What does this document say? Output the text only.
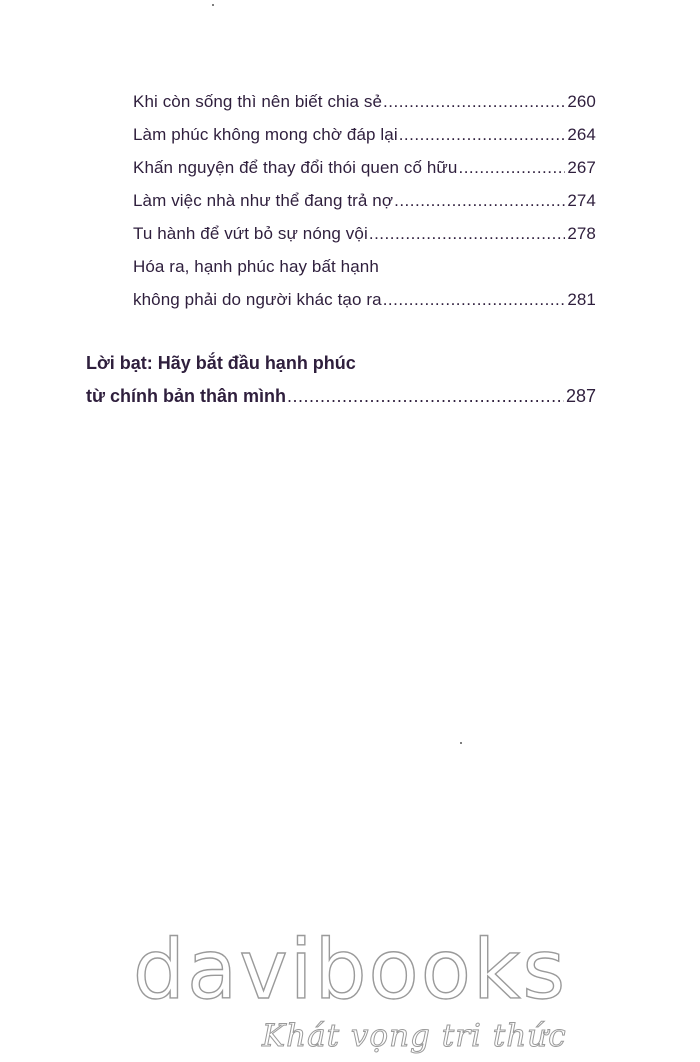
Khi còn sống thì nên biết chia sẻ .....	260
Làm phúc không mong chờ đáp lại .....	264
Khấn nguyện để thay đổi thói quen cố hữu .....	267
Làm việc nhà như thể đang trả nợ .....	274
Tu hành để vứt bỏ sự nóng vội .....	278
Hóa ra, hạnh phúc hay bất hạnh
không phải do người khác tạo ra .....	281
Lời bạt: Hãy bắt đầu hạnh phúc
từ chính bản thân mình .....	287
davibooks
Khát vọng tri thức
